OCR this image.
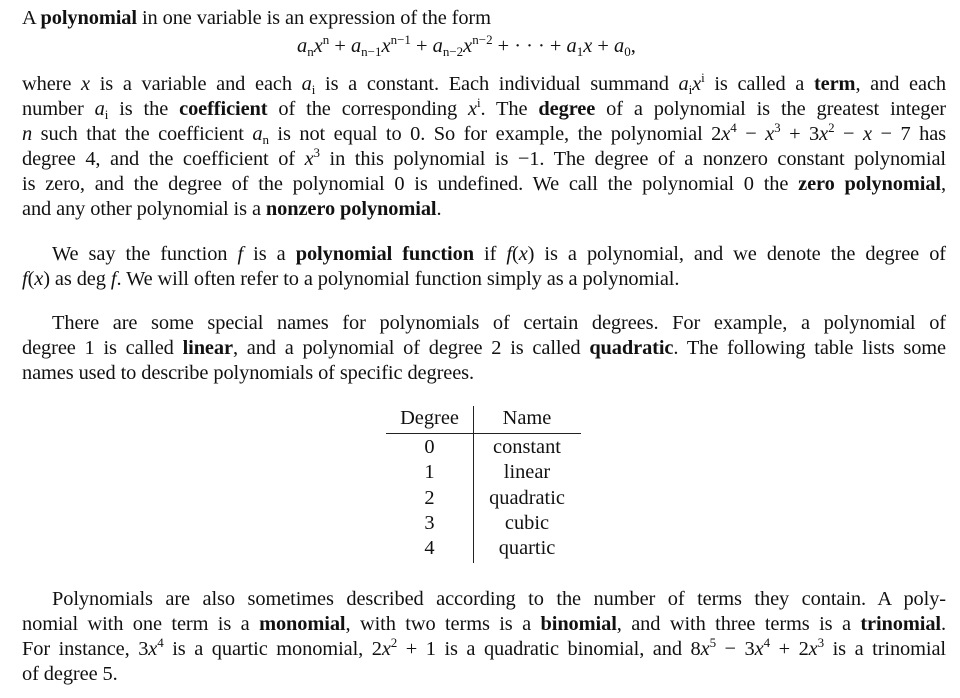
A polynomial in one variable is an expression of the form
$a_nx^n + a_{n-1}x^{n-1} + a_{n-2}x^{n-2}$ + · · · + $a_1x + a_0$,
where x is a variable and each $a_i$ is a constant. Each individual summand $a_ix^i$ is called a term, and each
number $a_i$ is the coefficient of the corresponding $x^i$. The degree of a polynomial is the greatest integer
n such that the coefficient $a_n$ is not equal to 0. So for example, the polynomial $2x^4 - x^3 + 3x^2 - x - 7$ has
degree 4, and the coefficient of $x^3$ in this polynomial is −1. The degree of a nonzero constant polynomial
is zero, and the degree of the polynomial 0 is undefined. We call the polynomial 0 the zero polynomial,
and any other polynomial is a nonzero polynomial.
We say the function f is a polynomial function if f(x) is a polynomial, and we denote the degree of
f(x) as deg f. We will often refer to a polynomial function simply as a polynomial.
There are some special names for polynomials of certain degrees. For example, a polynomial of
degree 1 is called linear, and a polynomial of degree 2 is called quadratic. The following table lists some
names used to describe polynomials of specific degrees.
Degree
0
1
2
3
4
Name
constant
linear
quadratic
cubic
quartic
Polynomials are also sometimes described according to the number of terms they contain. A poly-
nomial with one term is a monomial, with two terms is a binomial, and with three terms is a trinomial.
For instance, $3x^4$ is a quartic monomial, $2x^2 + 1$ is a quadratic binomial, and $8x^5 - 3x^4 + 2x^3$ is a trinomial
of degree 5.
